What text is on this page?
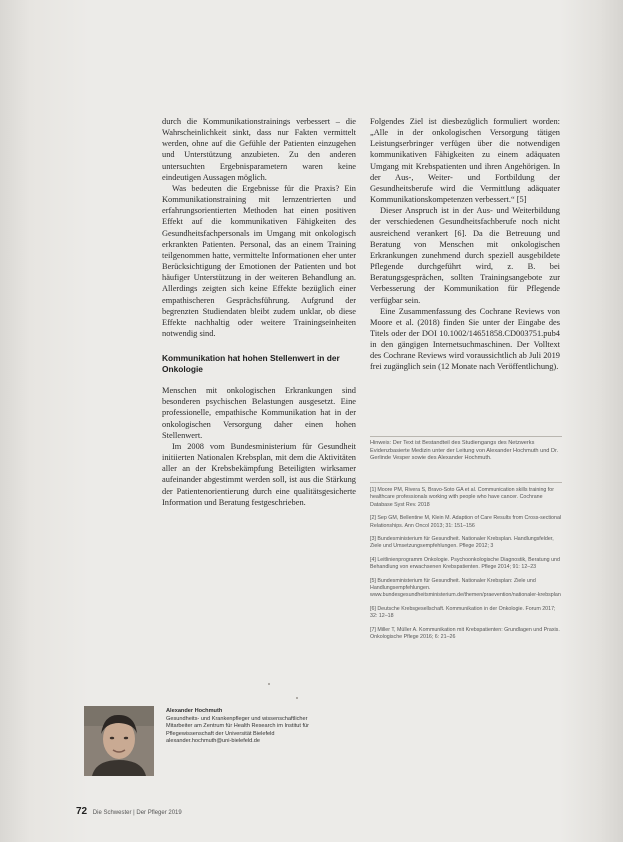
durch die Kommunikationstrainings verbessert – die Wahrscheinlichkeit sinkt, dass nur Fakten vermittelt werden, ohne auf die Gefühle der Patienten einzugehen und Unterstützung anzubieten. Zu den anderen untersuchten Ergebnisparametern waren keine eindeutigen Aussagen möglich.

Was bedeuten die Ergebnisse für die Praxis? Ein Kommunikationstraining mit lernzentrierten und erfahrungsorientierten Methoden hat einen positiven Effekt auf die kommunikativen Fähigkeiten des Gesundheitsfachpersonals im Umgang mit onkologisch erkrankten Patienten. Personal, das an einem Training teilgenommen hatte, vermittelte Informationen eher unter Berücksichtigung der Emotionen der Patienten und bot häufiger Unterstützung in der weiteren Behandlung an. Allerdings zeigten sich keine Effekte bezüglich einer empathischeren Gesprächsführung. Aufgrund der begrenzten Studiendaten bleibt zudem unklar, ob diese Effekte nachhaltig oder weitere Trainingseinheiten notwendig sind.

Kommunikation hat hohen Stellenwert in der Onkologie

Menschen mit onkologischen Erkrankungen sind besonderen psychischen Belastungen ausgesetzt. Eine professionelle, empathische Kommunikation hat in der onkologischen Versorgung daher einen hohen Stellenwert.

Im 2008 vom Bundesministerium für Gesundheit initiierten Nationalen Krebsplan, mit dem die Aktivitäten aller an der Krebsbekämpfung Beteiligten wirksamer aufeinander abgestimmt werden soll, ist aus die Stärkung der Patientenorientierung durch eine qualitätsgesicherte Information und Beratung festgeschrieben.

Folgendes Ziel ist diesbezüglich formuliert worden: „Alle in der onkologischen Versorgung tätigen Leistungserbringer verfügen über die notwendigen kommunikativen Fähigkeiten zu einem adäquaten Umgang mit Krebspatienten und ihren Angehörigen. In der Aus-, Weiter- und Fortbildung der Gesundheitsberufe wird die Vermittlung adäquater Kommunikationskompetenzen verbessert.“ [5]

Dieser Anspruch ist in der Aus- und Weiterbildung der verschiedenen Gesundheitsfachberufe noch nicht ausreichend verankert [6]. Da die Betreuung und Beratung von Menschen mit onkologischen Erkrankungen zunehmend durch speziell ausgebildete Pflegende durchgeführt wird, z. B. bei Beratungsgesprächen, sollten Trainingsangebote zur Verbesserung der Kommunikation für Pflegende verfügbar sein.

Eine Zusammenfassung des Cochrane Reviews von Moore et al. (2018) finden Sie unter der Eingabe des Titels oder der DOI 10.1002/14651858.CD003751.pub4 in den gängigen Internetsuchmaschinen. Der Volltext des Cochrane Reviews wird voraussichtlich ab Juli 2019 frei zugänglich sein (12 Monate nach Veröffentlichung).

Hinweis: Der Text ist Bestandteil des Studiengangs des Netzwerks Evidenzbasierte Medizin unter der Leitung von Alexander Hochmuth und Dr. Gerlinde Vesper sowie des Alexander Hochmuth.
[1] Moore PM, Rivera S, Bravo-Soto GA et al. Communication skills training for healthcare professionals working with people who have cancer. Cochrane Database Syst Rev. 2018
[2] Sep GM, Bellentine M, Klein M. Adaption of Care Results from Cross-sectional Relationships. Ann Oncol 2013; 31: 151–156
[3] Bundesministerium für Gesundheit. Nationaler Krebsplan. Handlungsfelder, Ziele und Umsetzungsempfehlungen. Pflege 2012; 3
[4] Leitlinienprogramm Onkologie. Psychoonkologische Diagnostik, Beratung und Behandlung von erwachsenen Krebspatienten. Pflege 2014; 91: 12–23
[5] Bundesministerium für Gesundheit. Nationaler Krebsplan: Ziele und Handlungsempfehlungen. www.bundesgesundheitsministerium.de/themen/praevention/nationaler-krebsplan
[6] Deutsche Krebsgesellschaft. Kommunikation in der Onkologie. Forum 2017; 32: 12–18
[7] Miller T, Müller A. Kommunikation mit Krebspatienten: Grundlagen und Praxis. Onkologische Pflege 2016; 6: 21–26
Alexander Hochmuth
Gesundheits- und Krankenpfleger und wissenschaftlicher Mitarbeiter am Zentrum für Health Research im Institut für Pflegewissenschaft der Universität Bielefeld
alexander.hochmuth@uni-bielefeld.de
72 Die Schwester | Der Pfleger 2019
